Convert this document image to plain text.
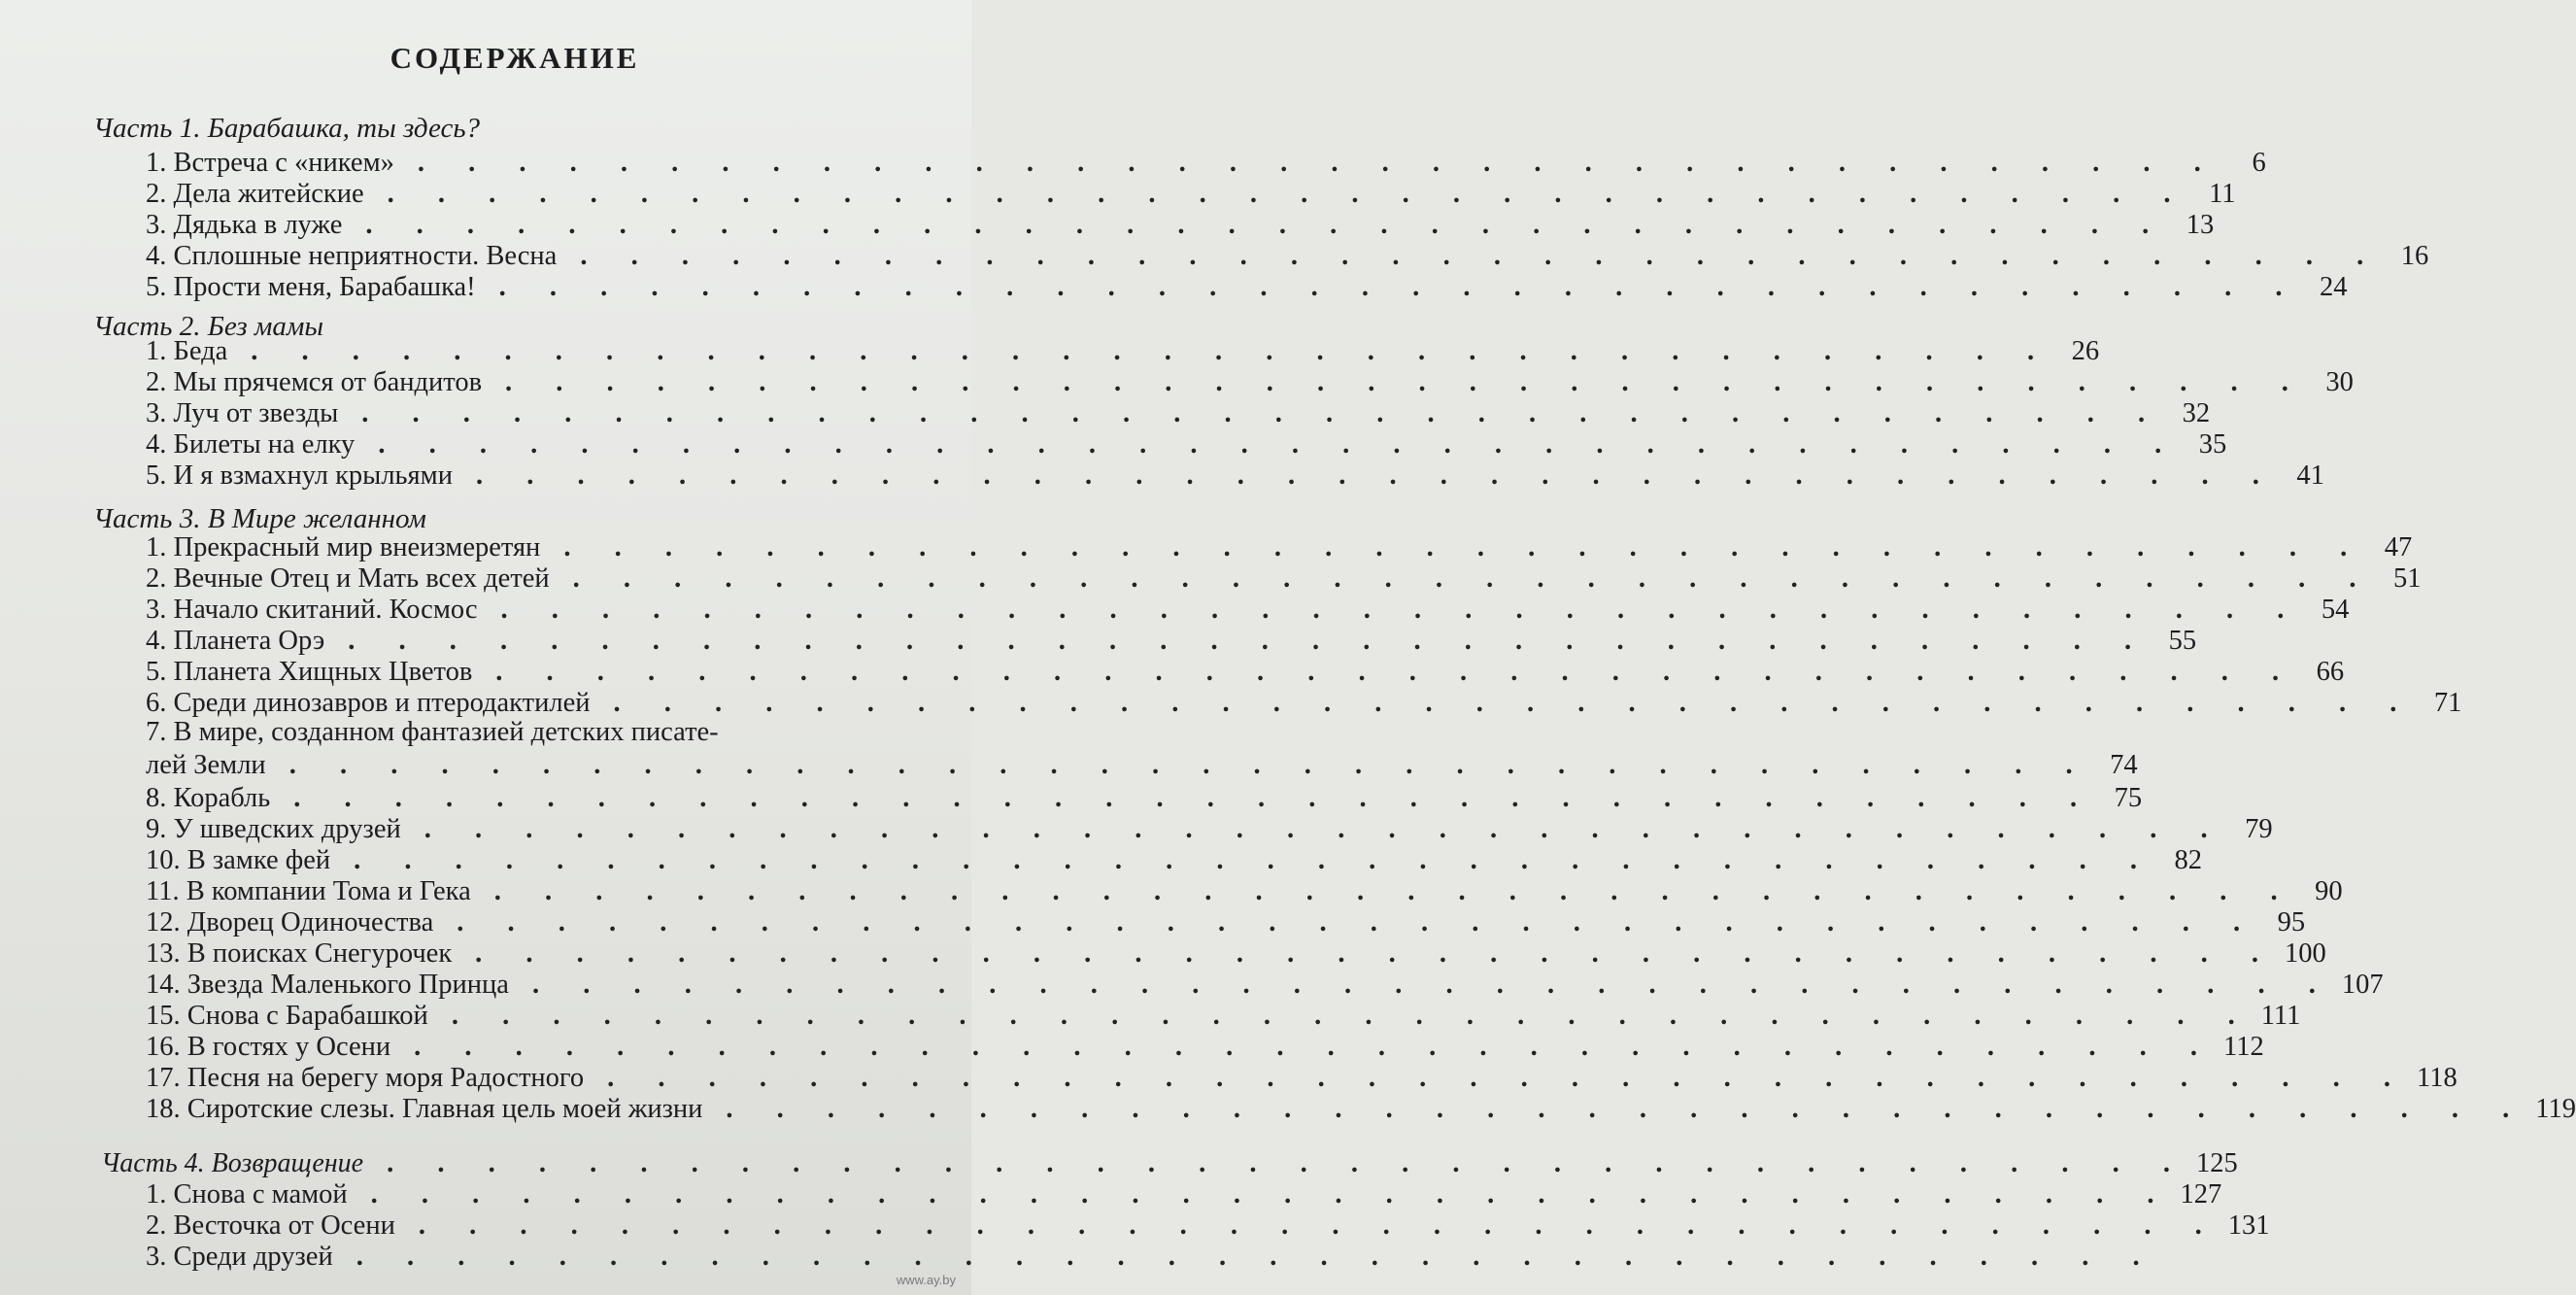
СОДЕРЖАНИЕ
Часть 1. Барабашка, ты здесь?
1. Встреча с «никем» . . . . . . . . . . . . . . . . . . . . . . . . . . . . . . . . . . . .	6
2. Дела житейские . . . . . . . . . . . . . . . . . . . . . . . . . . . . . . . . . . . . 11
3. Дядька в луже . . . . . . . . . . . . . . . . . . . . . . . . . . . . . . . . . . . . 13
4. Сплошные неприятности. Весна . . . . . . . . . . . . . . . . . . . . . . . . . . . . . . . . . . . . 16
5. Прости меня, Барабашка! . . . . . . . . . . . . . . . . . . . . . . . . . . . . . . . . . . . . 24
Часть 2. Без мамы
1. Беда . . . . . . . . . . . . . . . . . . . . . . . . . . . . . . . . . . . . 26
2. Мы прячемся от бандитов . . . . . . . . . . . . . . . . . . . . . . . . . . . . . . . . . . . . 30
3. Луч от звезды . . . . . . . . . . . . . . . . . . . . . . . . . . . . . . . . . . . . 32
4. Билеты на елку . . . . . . . . . . . . . . . . . . . . . . . . . . . . . . . . . . . . 35
5. И я взмахнул крыльями . . . . . . . . . . . . . . . . . . . . . . . . . . . . . . . . . . . . 41
Часть 3. В Мире желанном
1. Прекрасный мир внеизмеретян . . . . . . . . . . . . . . . . . . . . . . . . . . . . . . . . . . . . 47
2. Вечные Отец и Мать всех детей . . . . . . . . . . . . . . . . . . . . . . . . . . . . . . . . . . . . 51
3. Начало скитаний. Космос . . . . . . . . . . . . . . . . . . . . . . . . . . . . . . . . . . . . 54
4. Планета Орэ . . . . . . . . . . . . . . . . . . . . . . . . . . . . . . . . . . . . 55
5. Планета Хищных Цветов . . . . . . . . . . . . . . . . . . . . . . . . . . . . . . . . . . . . 66
6. Среди динозавров и птеродактилей . . . . . . . . . . . . . . . . . . . . . . . . . . . . . . . . . . . . 71
7. В мире, созданном фантазией детских писате-
лей Земли . . . . . . . . . . . . . . . . . . . . . . . . . . . . . . . . . . . . 74
8. Корабль . . . . . . . . . . . . . . . . . . . . . . . . . . . . . . . . . . . . 75
9. У шведских друзей . . . . . . . . . . . . . . . . . . . . . . . . . . . . . . . . . . . . 79
10. В замке фей . . . . . . . . . . . . . . . . . . . . . . . . . . . . . . . . . . . . 82
11. В компании Тома и Гека . . . . . . . . . . . . . . . . . . . . . . . . . . . . . . . . . . . . 90
12. Дворец Одиночества . . . . . . . . . . . . . . . . . . . . . . . . . . . . . . . . . . . . 95
13. В поисках Снегурочек . . . . . . . . . . . . . . . . . . . . . . . . . . . . . . . . . . . . 100
14. Звезда Маленького Принца . . . . . . . . . . . . . . . . . . . . . . . . . . . . . . . . . . . . 107
15. Снова с Барабашкой . . . . . . . . . . . . . . . . . . . . . . . . . . . . . . . . . . . . 111
16. В гостях у Осени . . . . . . . . . . . . . . . . . . . . . . . . . . . . . . . . . . . . 112
17. Песня на берегу моря Радостного . . . . . . . . . . . . . . . . . . . . . . . . . . . . . . . . . . . . 118
18. Сиротские слезы. Главная цель моей жизни . . . . . . . . . . . . . . . . . . . . . . . . . . . . . . . . . . . . 119
Часть 4. Возвращение . . . . . . . . . . . . . . . . . . . . . . . . . . . . . . . . . . . . 125
1. Снова с мамой . . . . . . . . . . . . . . . . . . . . . . . . . . . . . . . . . . . . 127
2. Весточка от Осени . . . . . . . . . . . . . . . . . . . . . . . . . . . . . . . . . . . . 131
3. Среди друзей . . . . . . . . . . . . . . . . . . . . . . . . . . . . . . . . . . . .
www.ay.by
